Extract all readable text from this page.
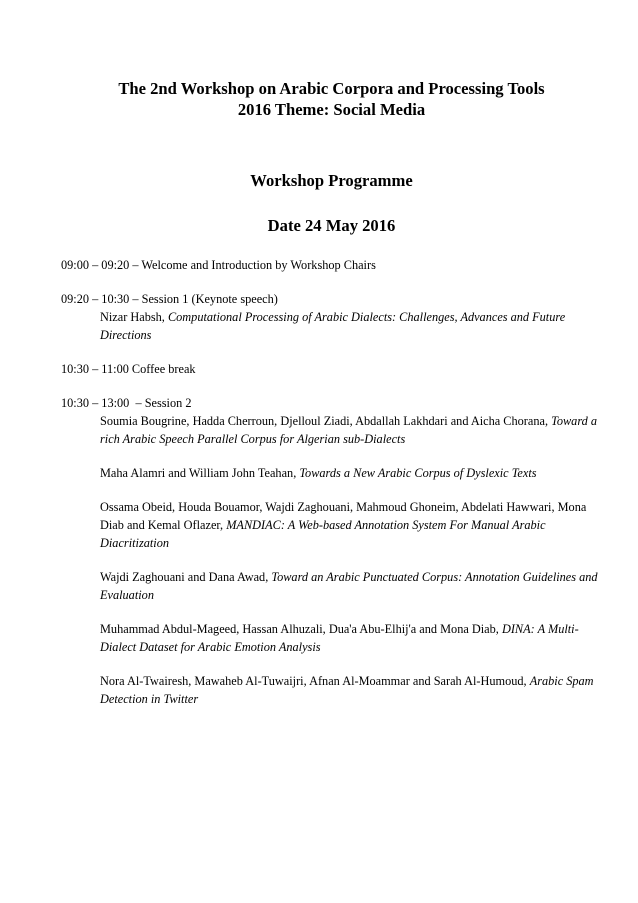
The 2nd Workshop on Arabic Corpora and Processing Tools

2016 Theme: Social Media

Workshop Programme

Date 24 May 2016

09:00 – 09:20 – Welcome and Introduction by Workshop Chairs

09:20 – 10:30 – Session 1 (Keynote speech)

Nizar Habsh, Computational Processing of Arabic Dialects: Challenges, Advances and Future Directions

10:30 – 11:00 Coffee break

10:30 – 13:00  – Session 2

Soumia Bougrine, Hadda Cherroun, Djelloul Ziadi, Abdallah Lakhdari and Aicha Chorana, Toward a rich Arabic Speech Parallel Corpus for Algerian sub-Dialects

Maha Alamri and William John Teahan, Towards a New Arabic Corpus of Dyslexic Texts

Ossama Obeid, Houda Bouamor, Wajdi Zaghouani, Mahmoud Ghoneim, Abdelati Hawwari, Mona Diab and Kemal Oflazer, MANDIAC: A Web-based Annotation System For Manual Arabic Diacritization

Wajdi Zaghouani and Dana Awad, Toward an Arabic Punctuated Corpus: Annotation Guidelines and Evaluation

Muhammad Abdul-Mageed, Hassan Alhuzali, Dua'a Abu-Elhij'a and Mona Diab, DINA: A Multi-Dialect Dataset for Arabic Emotion Analysis

Nora Al-Twairesh, Mawaheb Al-Tuwaijri, Afnan Al-Moammar and Sarah Al-Humoud, Arabic Spam Detection in Twitter
